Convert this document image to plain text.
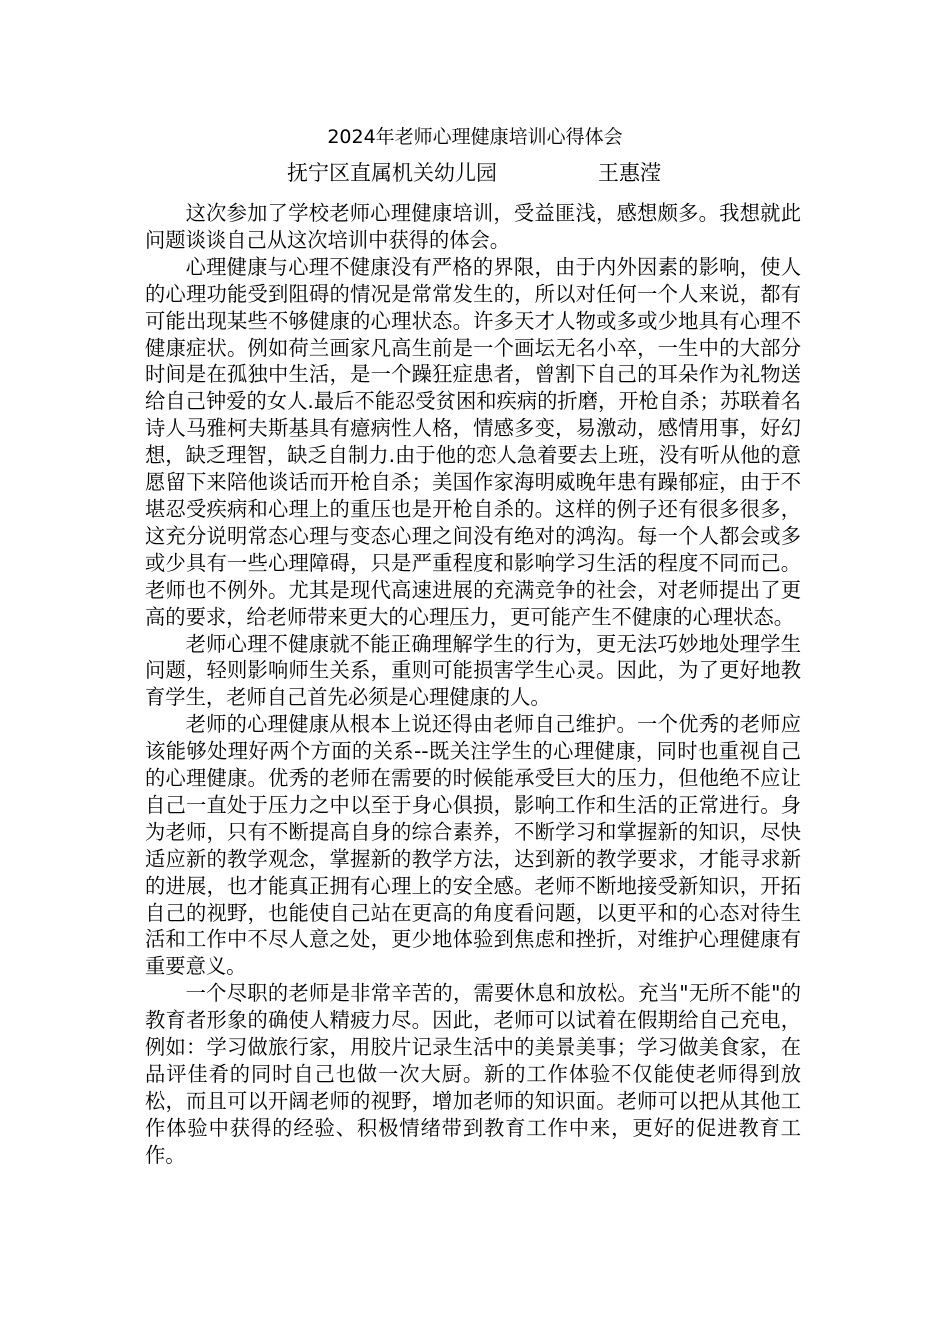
2024年老师心理健康培训心得体会
抚宁区直属机关幼儿园	王惠滢

这次参加了学校老师心理健康培训，受益匪浅，感想颇多。我想就此问题谈谈自己从这次培训中获得的体会。

心理健康与心理不健康没有严格的界限，由于内外因素的影响，使人的心理功能受到阻碍的情况是常常发生的，所以对任何一个人来说，都有可能出现某些不够健康的心理状态。许多天才人物或多或少地具有心理不健康症状。例如荷兰画家凡高生前是一个画坛无名小卒，一生中的大部分时间是在孤独中生活，是一个躁狂症患者，曾割下自己的耳朵作为礼物送给自己钟爱的女人.最后不能忍受贫困和疾病的折磨，开枪自杀；苏联着名诗人马雅柯夫斯基具有癔病性人格，情感多变，易激动，感情用事，好幻想，缺乏理智，缺乏自制力.由于他的恋人急着要去上班，没有听从他的意愿留下来陪他谈话而开枪自杀；美国作家海明威晚年患有躁郁症，由于不堪忍受疾病和心理上的重压也是开枪自杀的。这样的例子还有很多很多，这充分说明常态心理与变态心理之间没有绝对的鸿沟。每一个人都会或多或少具有一些心理障碍，只是严重程度和影响学习生活的程度不同而己。老师也不例外。尤其是现代高速进展的充满竞争的社会，对老师提出了更高的要求，给老师带来更大的心理压力，更可能产生不健康的心理状态。

老师心理不健康就不能正确理解学生的行为，更无法巧妙地处理学生问题，轻则影响师生关系，重则可能损害学生心灵。因此，为了更好地教育学生，老师自己首先必须是心理健康的人。

老师的心理健康从根本上说还得由老师自己维护。一个优秀的老师应该能够处理好两个方面的关系--既关注学生的心理健康，同时也重视自己的心理健康。优秀的老师在需要的时候能承受巨大的压力，但他绝不应让自己一直处于压力之中以至于身心俱损，影响工作和生活的正常进行。身为老师，只有不断提高自身的综合素养，不断学习和掌握新的知识，尽快适应新的教学观念，掌握新的教学方法，达到新的教学要求，才能寻求新的进展，也才能真正拥有心理上的安全感。老师不断地接受新知识，开拓自己的视野，也能使自己站在更高的角度看问题，以更平和的心态对待生活和工作中不尽人意之处，更少地体验到焦虑和挫折，对维护心理健康有重要意义。

一个尽职的老师是非常辛苦的，需要休息和放松。充当"无所不能"的教育者形象的确使人精疲力尽。因此，老师可以试着在假期给自己充电，例如：学习做旅行家，用胶片记录生活中的美景美事；学习做美食家，在品评佳肴的同时自己也做一次大厨。新的工作体验不仅能使老师得到放松，而且可以开阔老师的视野，增加老师的知识面。老师可以把从其他工作体验中获得的经验、积极情绪带到教育工作中来，更好的促进教育工作。
